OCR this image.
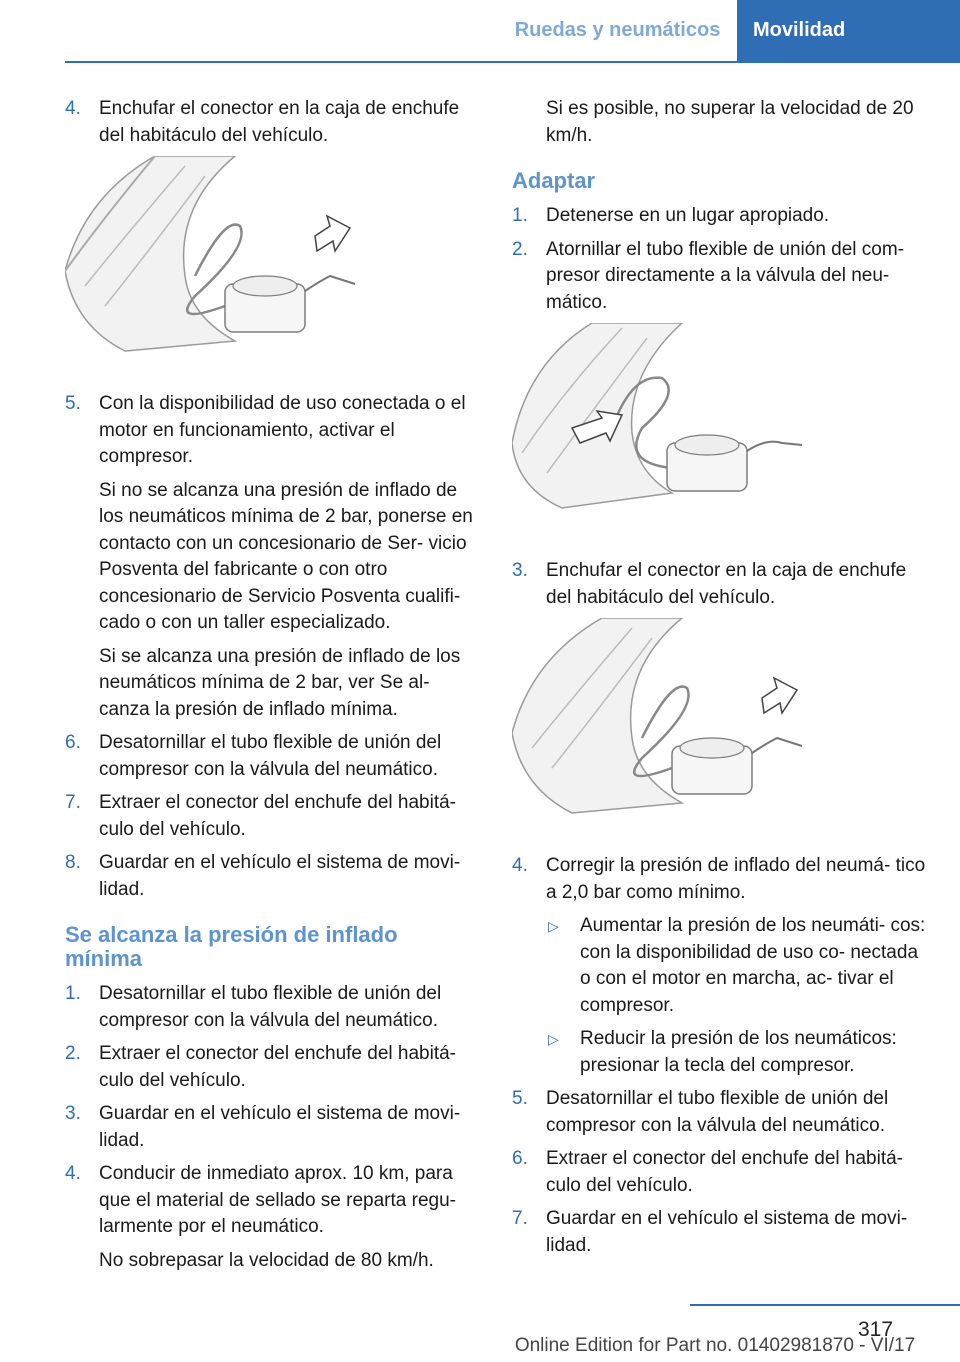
Ruedas y neumáticos	Movilidad
4. Enchufar el conector en la caja de enchufe del habitáculo del vehículo.
5. Con la disponibilidad de uso conectada o el motor en funcionamiento, activar el compresor.
Si no se alcanza una presión de inflado de los neumáticos mínima de 2 bar, ponerse en contacto con un concesionario de Ser‐ vicio Posventa del fabricante o con otro concesionario de Servicio Posventa cualifi‐ cado o con un taller especializado.
Si se alcanza una presión de inflado de los neumáticos mínima de 2 bar, ver Se al‐ canza la presión de inflado mínima.
6. Desatornillar el tubo flexible de unión del compresor con la válvula del neumático.
7. Extraer el conector del enchufe del habitá‐ culo del vehículo.
8. Guardar en el vehículo el sistema de movi‐ lidad.
Se alcanza la presión de inflado mínima
1. Desatornillar el tubo flexible de unión del compresor con la válvula del neumático.
2. Extraer el conector del enchufe del habitá‐ culo del vehículo.
3. Guardar en el vehículo el sistema de movi‐ lidad.
4. Conducir de inmediato aprox. 10 km, para que el material de sellado se reparta regu‐ larmente por el neumático.
No sobrepasar la velocidad de 80 km/h.
Si es posible, no superar la velocidad de 20 km/h.
Adaptar
1. Detenerse en un lugar apropiado.
2. Atornillar el tubo flexible de unión del com‐ presor directamente a la válvula del neu‐ mático.
3. Enchufar el conector en la caja de enchufe del habitáculo del vehículo.
4. Corregir la presión de inflado del neumá‐ tico a 2,0 bar como mínimo.
▷ Aumentar la presión de los neumáti‐ cos: con la disponibilidad de uso co‐ nectada o con el motor en marcha, ac‐ tivar el compresor.
▷ Reducir la presión de los neumáticos: presionar la tecla del compresor.
5. Desatornillar el tubo flexible de unión del compresor con la válvula del neumático.
6. Extraer el conector del enchufe del habitá‐ culo del vehículo.
7. Guardar en el vehículo el sistema de movi‐ lidad.
317
Online Edition for Part no. 01402981870 - VI/17
